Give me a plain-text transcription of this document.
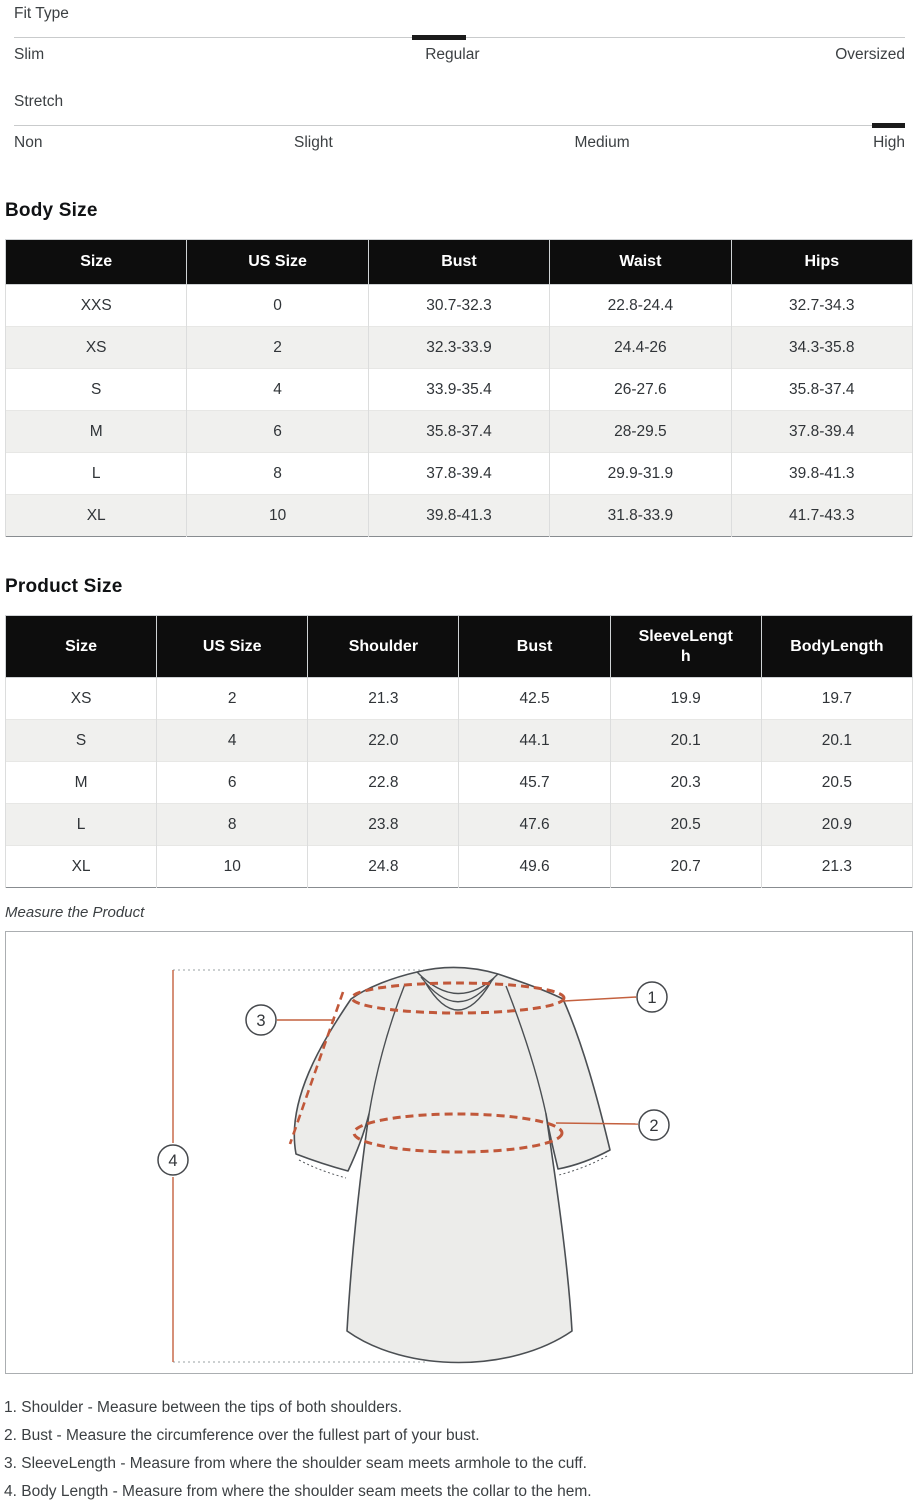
Fit Type
Slim	Regular	Oversized
Stretch
Non	Slight	Medium	High
Body Size
Size	US Size	Bust	Waist	Hips
XXS	0	30.7-32.3	22.8-24.4	32.7-34.3
XS	2	32.3-33.9	24.4-26	34.3-35.8
S	4	33.9-35.4	26-27.6	35.8-37.4
M	6	35.8-37.4	28-29.5	37.8-39.4
L	8	37.8-39.4	29.9-31.9	39.8-41.3
XL	10	39.8-41.3	31.8-33.9	41.7-43.3
Product Size
Size	US Size	Shoulder	Bust	SleeveLength	BodyLength
XS	2	21.3	42.5	19.9	19.7
S	4	22.0	44.1	20.1	20.1
M	6	22.8	45.7	20.3	20.5
L	8	23.8	47.6	20.5	20.9
XL	10	24.8	49.6	20.7	21.3
Measure the Product
1
2
3
4
1. Shoulder - Measure between the tips of both shoulders.
2. Bust - Measure the circumference over the fullest part of your bust.
3. SleeveLength - Measure from where the shoulder seam meets armhole to the cuff.
4. Body Length - Measure from where the shoulder seam meets the collar to the hem.
